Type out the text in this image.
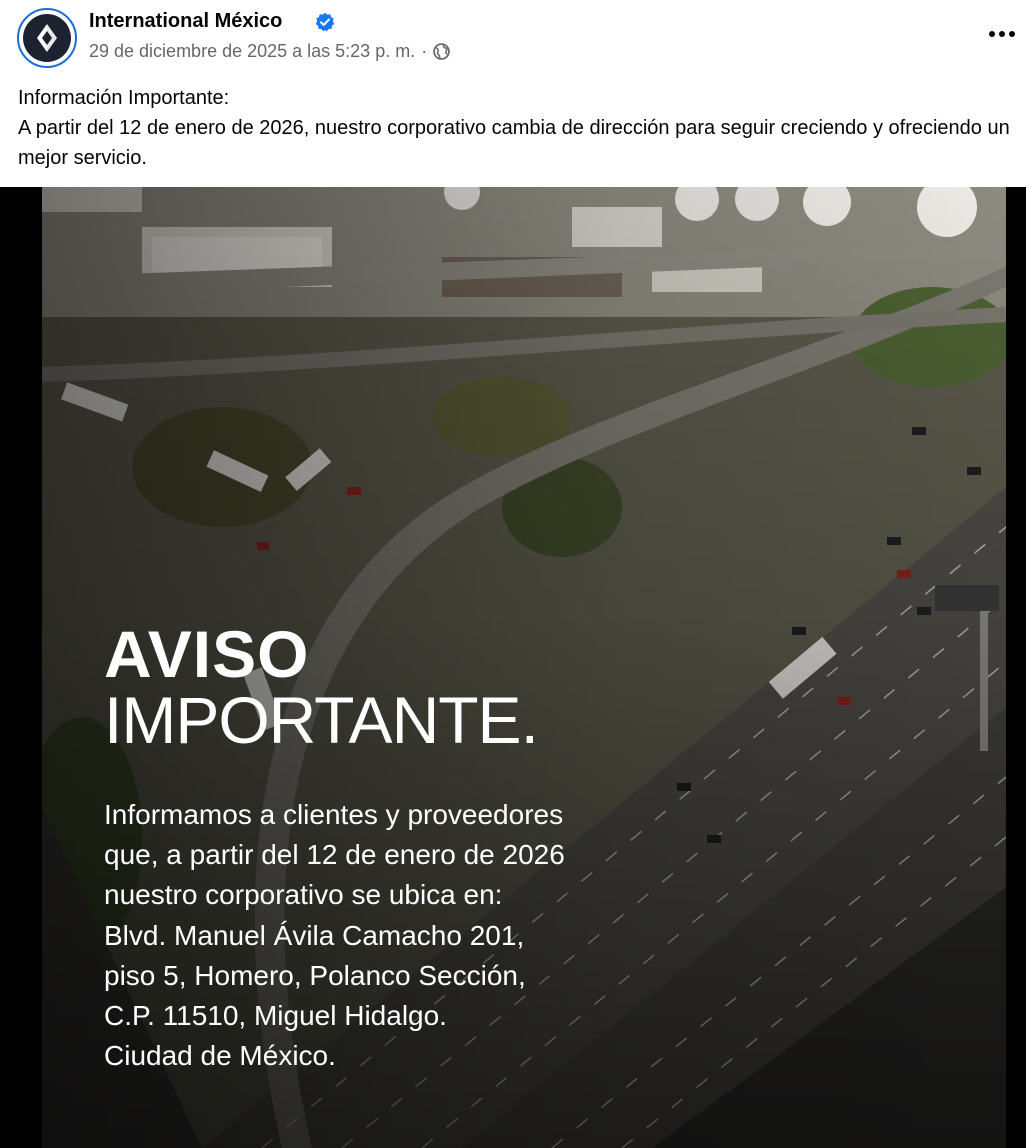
International México
29 de diciembre de 2025 a las 5:23 p. m. ·

Información Importante:

A partir del 12 de enero de 2026, nuestro corporativo cambia de dirección para seguir creciendo y ofreciendo un mejor servicio.

AVISO
IMPORTANTE.
Informamos a clientes y proveedores
que, a partir del 12 de enero de 2026
nuestro corporativo se ubica en:
Blvd. Manuel Ávila Camacho 201,
piso 5, Homero, Polanco Sección,
C.P. 11510, Miguel Hidalgo.
Ciudad de México.
